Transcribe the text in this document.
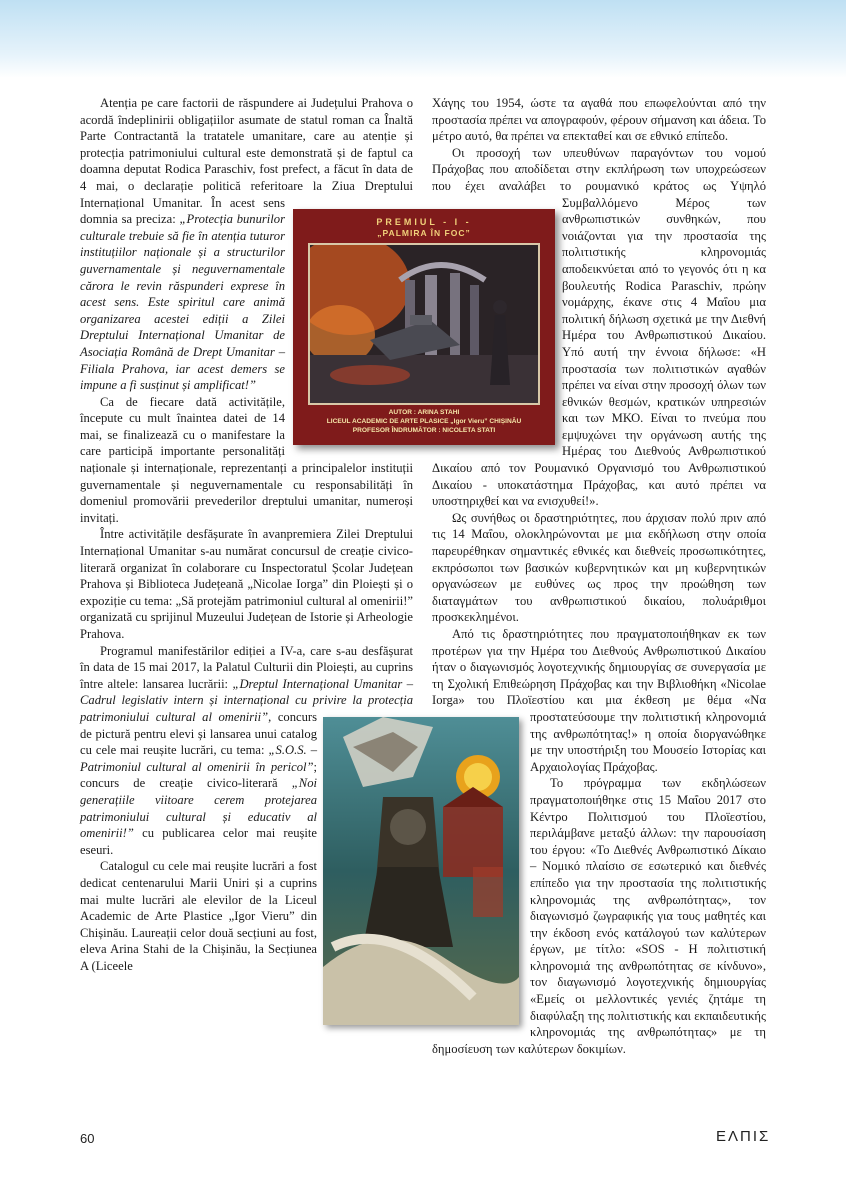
Atenția pe care factorii de răspundere ai Județului Prahova o acordă îndeplinirii obligațiilor asumate de statul roman ca Înaltă Parte Contractantă la tratatele umanitare, care au atenție și protecția patrimoniului cultural este demonstrată și de faptul ca doamna deputat Rodica Paraschiv, fost prefect, a făcut în data de 4 mai, o declarație politică referitoare la Ziua Dreptului Internațional Umanitar. În acest sens domnia sa preciza: „Protecția bunurilor culturale trebuie să fie în atenția tuturor instituțiilor naționale și a structurilor guvernamentale și neguvernamentale cărora le revin răspunderi exprese în acest sens. Este spiritul care animă organizarea acestei ediții a Zilei Dreptului Internațional Umanitar de Asociația Română de Drept Umanitar – Filiala Prahova, iar acest demers se impune a fi susținut și amplificat!”

Ca de fiecare dată activitățile, începute cu mult înaintea datei de 14 mai, se finalizează cu o manifestare la care participă importante personalități naționale și internaționale, reprezentanți a principalelor instituții guvernamentale și neguvernamentale cu responsabilități în domeniul promovării prevederilor dreptului umanitar, numeroși invitați.

Între activitățile desfășurate în avanpremiera Zilei Dreptului Internațional Umanitar s-au numărat concursul de creație civico-literară organizat în colaborare cu Inspectoratul Școlar Județean Prahova și Biblioteca Județeană „Nicolae Iorga” din Ploiești și o expoziție cu tema: „Să protejăm patrimoniul cultural al omenirii!” organizată cu sprijinul Muzeului Județean de Istorie și Arheologie Prahova.

Programul manifestărilor ediției a IV-a, care s-au desfășurat în data de 15 mai 2017, la Palatul Culturii din Ploiești, au cuprins între altele: lansarea lucrării: „Dreptul Internațional Umanitar – Cadrul legislativ intern și internațional cu privire la protecția patrimoniului cultural al omenirii”, concurs de pictură pentru elevi și lansarea unui catalog cu cele mai reușite lucrări, cu tema: „S.O.S. – Patrimoniul cultural al omenirii în pericol”; concurs de creație civico-literară „Noi generațiile viitoare cerem protejarea patrimoniului cultural și educativ al omenirii!” cu publicarea celor mai reușite eseuri.

Catalogul cu cele mai reușite lucrări a fost dedicat centenarului Marii Uniri și a cuprins mai multe lucrări ale elevilor de la Liceul Academic de Arte Plastice „Igor Vieru” din Chișinău. Laureații celor două secțiuni au fost, eleva Arina Stahi de la Chișinău, la Secțiunea A (Liceele

Χάγης του 1954, ώστε τα αγαθά που επωφελούνται από την προστασία πρέπει να απογραφούν, φέρουν σήμανση και άδεια. Το μέτρο αυτό, θα πρέπει να επεκταθεί και σε εθνικό επίπεδο.

Οι προσοχή των υπευθύνων παραγόντων του νομού Πράχοβας που αποδίδεται στην εκπλήρωση των υποχρεώσεων που έχει αναλάβει το ρουμανικό κράτος ως Υψηλό Συμβαλλόμενο Μέρος των ανθρωπιστικών συνθηκών, που νοιάζονται για την προστασία της πολιτιστικής κληρονομιάς αποδεικνύεται από το γεγονός ότι η κα βουλευτής Rodica Paraschiv, πρώην νομάρχης, έκανε στις 4 Μαΐου μια πολιτική δήλωση σχετικά με την Διεθνή Ημέρα του Ανθρωπιστικού Δικαίου. Υπό αυτή την έννοια δήλωσε: «Η προστασία των πολιτιστικών αγαθών πρέπει να είναι στην προσοχή όλων των εθνικών θεσμών, κρατικών υπηρεσιών και των ΜΚΟ. Είναι το πνεύμα που εμψυχώνει την οργάνωση αυτής της Ημέρας του Διεθνούς Ανθρωπιστικού Δικαίου από τον Ρουμανικό Οργανισμό του Ανθρωπιστικού Δικαίου - υποκατάστημα Πράχοβας, και αυτό πρέπει να υποστηριχθεί και να ενισχυθεί!».

Ως συνήθως οι δραστηριότητες, που άρχισαν πολύ πριν από τις 14 Μαΐου, ολοκληρώνονται με μια εκδήλωση στην οποία παρευρέθηκαν σημαντικές εθνικές και διεθνείς προσωπικότητες, εκπρόσωποι των βασικών κυβερνητικών και μη κυβερνητικών οργανώσεων με ευθύνες ως προς την προώθηση των διαταγμάτων του ανθρωπιστικού δικαίου, πολυάριθμοι προσκεκλημένοι.

Από τις δραστηριότητες που πραγματοποιήθηκαν εκ των προτέρων για την Ημέρα του Διεθνούς Ανθρωπιστικού Δικαίου ήταν ο διαγωνισμός λογοτεχνικής δημιουργίας σε συνεργασία με τη Σχολική Επιθεώρηση Πράχοβας και την Βιβλιοθήκη «Nicolae Iorga» του Πλοϊεστίου και μια έκθεση με θέμα «Να προστατεύσουμε την πολιτιστική κληρονομιά της ανθρωπότητας!» η οποία διοργανώθηκε με την υποστήριξη του Μουσείο Ιστορίας και Αρχαιολογίας Πράχοβας.

Το πρόγραμμα των εκδηλώσεων πραγματοποιήθηκε στις 15 Μαΐου 2017 στο Κέντρο Πολιτισμού του Πλοϊεστίου, περιλάμβανε μεταξύ άλλων: την παρουσίαση του έργου: «Το Διεθνές Ανθρωπιστικό Δίκαιο – Νομικό πλαίσιο σε εσωτερικό και διεθνές επίπεδο για την προστασία της πολιτιστικής κληρονομιάς της ανθρωπότητας», τον διαγωνισμό ζωγραφικής για τους μαθητές και την έκδοση ενός κατάλογού των καλύτερων έργων, με τίτλο: «SOS - Η πολιτιστική κληρονομιά της ανθρωπότητας σε κίνδυνο», τον διαγωνισμό λογοτεχνικής δημιουργίας «Εμείς οι μελλοντικές γενιές ζητάμε τη διαφύλαξη της πολιτιστικής και εκπαιδευτικής κληρονομιάς της ανθρωπότητας» με τη δημοσίευση των καλύτερων δοκιμίων.

PREMIUL - I -
„PALMIRA ÎN FOC”
AUTOR : ARINA STAHI
LICEUL ACADEMIC DE ARTE PLASICE „Igor Vieru” CHIȘINĂU
PROFESOR ÎNDRUMĂTOR : NICOLETA STATI
60	ΕΛΠΙΣ
